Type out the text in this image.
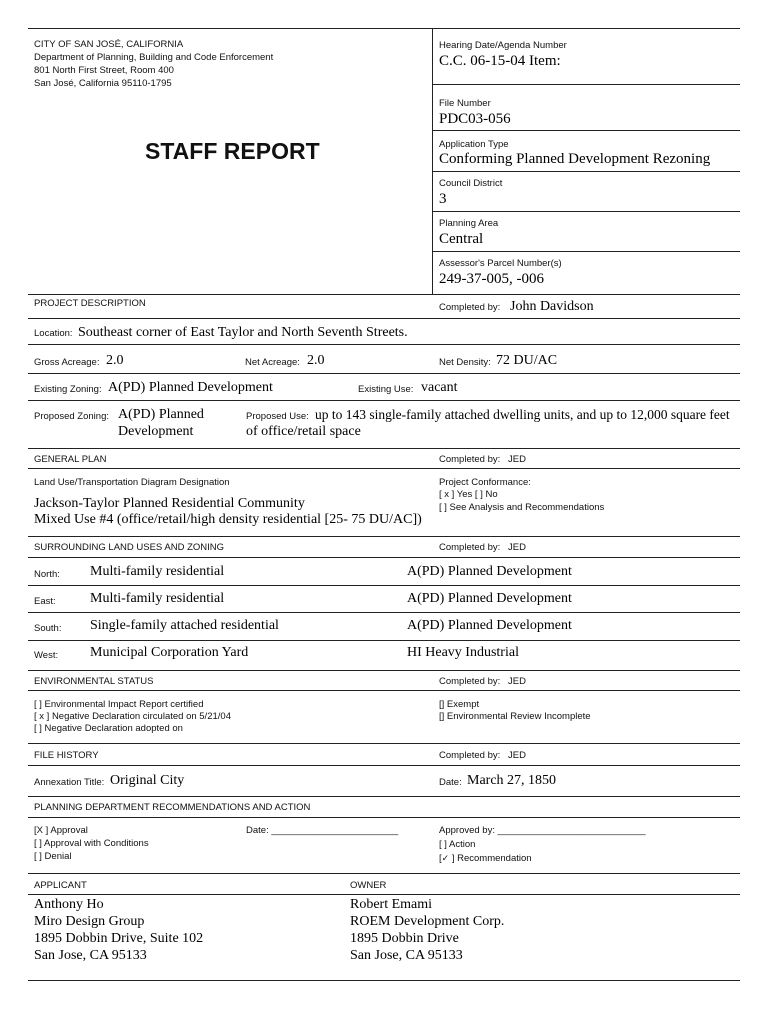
CITY OF SAN JOSÉ, CALIFORNIA
Department of Planning, Building and Code Enforcement
801 North First Street, Room 400
San José, California 95110-1795
STAFF REPORT
Hearing Date/Agenda Number
C.C. 06-15-04 Item:
File Number
PDC03-056
Application Type
Conforming Planned Development Rezoning
Council District
3
Planning Area
Central
Assessor's Parcel Number(s)
249-37-005, -006
PROJECT DESCRIPTION	Completed by: John Davidson
Location: Southeast corner of East Taylor and North Seventh Streets.
Gross Acreage: 2.0	Net Acreage: 2.0	Net Density: 72 DU/AC
Existing Zoning: A(PD) Planned Development	Existing Use: vacant
Proposed Zoning: A(PD) Planned
Development
Proposed Use: up to 143 single-family attached dwelling units, and up to 12,000 square feet
of office/retail space
GENERAL PLAN	Completed by: JED
Land Use/Transportation Diagram Designation
Jackson-Taylor Planned Residential Community
Mixed Use #4 (office/retail/high density residential [25- 75 DU/AC])
Project Conformance:
[ x ] Yes [ ] No
[ ] See Analysis and Recommendations
SURROUNDING LAND USES AND ZONING	Completed by: JED
North: Multi-family residential	A(PD) Planned Development
East: Multi-family residential	A(PD) Planned Development
South: Single-family attached residential	A(PD) Planned Development
West: Municipal Corporation Yard	HI Heavy Industrial
ENVIRONMENTAL STATUS	Completed by: JED
[ ] Environmental Impact Report certified
[ x ] Negative Declaration circulated on 5/21/04
[ ] Negative Declaration adopted on
[] Exempt
[] Environmental Review Incomplete
FILE HISTORY	Completed by: JED
Annexation Title: Original City	Date: March 27, 1850
PLANNING DEPARTMENT RECOMMENDATIONS AND ACTION
[X ] Approval
[ ] Approval with Conditions
[ ] Denial
Date: ________________________	Approved by: ____________________________
[ ] Action
[✓ ] Recommendation
APPLICANT	OWNER
Anthony Ho
Miro Design Group
1895 Dobbin Drive, Suite 102
San Jose, CA 95133
Robert Emami
ROEM Development Corp.
1895 Dobbin Drive
San Jose, CA 95133
